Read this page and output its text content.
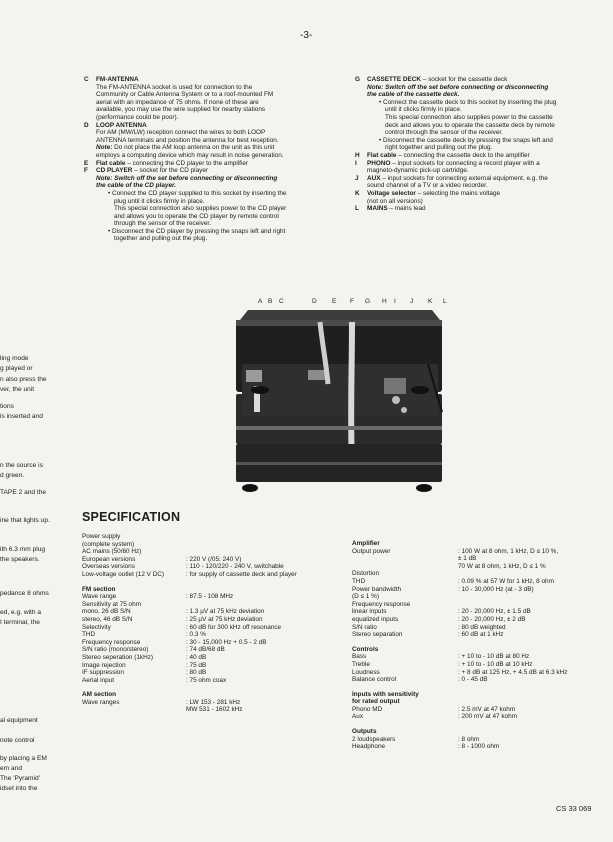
-3-
C	FM-ANTENNA

The FM-ANTENNA socket is used for connection to the

Community or Cable Antenna System or to a roof-mounted FM

aerial with an impedance of 75 ohms. If none of these are

available, you may use the wire supplied for nearby stations

(performance could be poor).

D	LOOP ANTENNA

For AM (MW/LW) reception connect the wires to both LOOP

ANTENNA terminals and position the antenna for best reception.

Note: Do not place the AM loop antenna on the unit as this unit

employs a computing device which may result in noise generation.

E	Flat cable – connecting the CD player to the amplifier

F	CD PLAYER – socket for the CD player

Note: Switch off the set before connecting or disconnecting

the cable of the CD player.

• Connect the CD player supplied to this socket by inserting the

plug until it clicks firmly in place.

This special connection also supplies power to the CD player

and allows you to operate the CD player by remote control

through the sensor of the receiver.

• Disconnect the CD player by pressing the snaps left and right

together and pulling out the plug.

G	CASSETTE DECK – socket for the cassette deck

Note: Switch off the set before connecting or disconnecting

the cable of the cassette deck.

• Connect the cassette deck to this socket by inserting the plug

until it clicks firmly in place.

This special connection also supplies power to the cassette

deck and allows you to operate the cassette deck by remote

control through the sensor of the receiver.

• Disconnect the cassette deck by pressing the snaps left and

right together and pulling out the plug.

H	Flat cable – connecting the cassette deck to the amplifier

I	PHONO – input sockets for connecting a record player with a

magneto-dynamic pick-up cartridge.

J	AUX – input sockets for connecting external equipment, e.g. the

sound channel of a TV or a video recorder.

K	Voltage selector – selecting the mains voltage

(not on all versions)

L	MAINS – mains lead

ling mode
g played or
n also press the
ver, the unit
tions
is inserted and
n the source is
d green.
TAPE 2 and the
ine that lights up.
ith 6.3 mm plug
the speakers.
pedance 8 ohms
ed, e.g. with a
I terminal, the
al equipment
note control
by placing a EM
em and
The 'Pyramid'
idset into the
A B C	D E F G H I J K L
SPECIFICATION
Power supply
(complete system)
AC mains (50/60 Hz)
European versions	: 220 V (/05: 240 V)
Overseas versions	: 110 - 120/220 - 240 V, switchable
Low-voltage outlet (12 V DC)	: for supply of cassette deck and player
FM section
Wave range	: 87.5 - 108 MHz
Sensitivity at 75 ohm
mono, 26 dB S/N	: 1.3 µV at 75 kHz deviation
stereo, 46 dB S/N	: 25 µV at 75 kHz deviation
Selectivity	: 60 dB for 300 kHz off resonance
THD	: 0.3 %
Frequency response	: 30 - 15,000 Hz + 0.5 - 2 dB
S/N ratio (mono/stereo)	: 74 dB/68 dB
Stereo seperation (1kHz)	: 40 dB
Image rejection	: 75 dB
IF suppression	: 80 dB
Aerial input	: 75 ohm coax
AM section
Wave ranges	: LW 153 - 281 kHz
MW 531 - 1602 kHz
Amplifier
Output power	: 100 W at 8 ohm, 1 kHz, D ≤ 10 %,
± 1 dB
70 W at 8 ohm, 1 kHz, D ≤ 1 %
Distortion
THD	: 0.09 % at 57 W for 1 kHz, 8 ohm
Power bandwidth	: 10 - 30,000 Hz (at - 3 dB)
(D ≤ 1 %)
Frequency response
linear inputs	: 20 - 20,000 Hz, ± 1.5 dB
equalized inputs	: 20 - 20,000 Hz, ± 2 dB
S/N ratio	: 80 dB weighted
Stereo separation	: 60 dB at 1 kHz
Controls
Bass	: + 10 to - 10 dB at 80 Hz
Treble	: + 10 to - 10 dB at 10 kHz
Loudness	: + 8 dB at 125 Hz, + 4.5 dB at 6.3 kHz
Balance control	: 0 - 45 dB
Inputs with sensitivity
for rated output
Phono MD	: 2.5 mV at 47 kohm
Aux	: 200 mV at 47 kohm
Outputs
2 loudspeakers	: 8 ohm
Headphone	: 8 - 1000 ohm
CS 33 069
